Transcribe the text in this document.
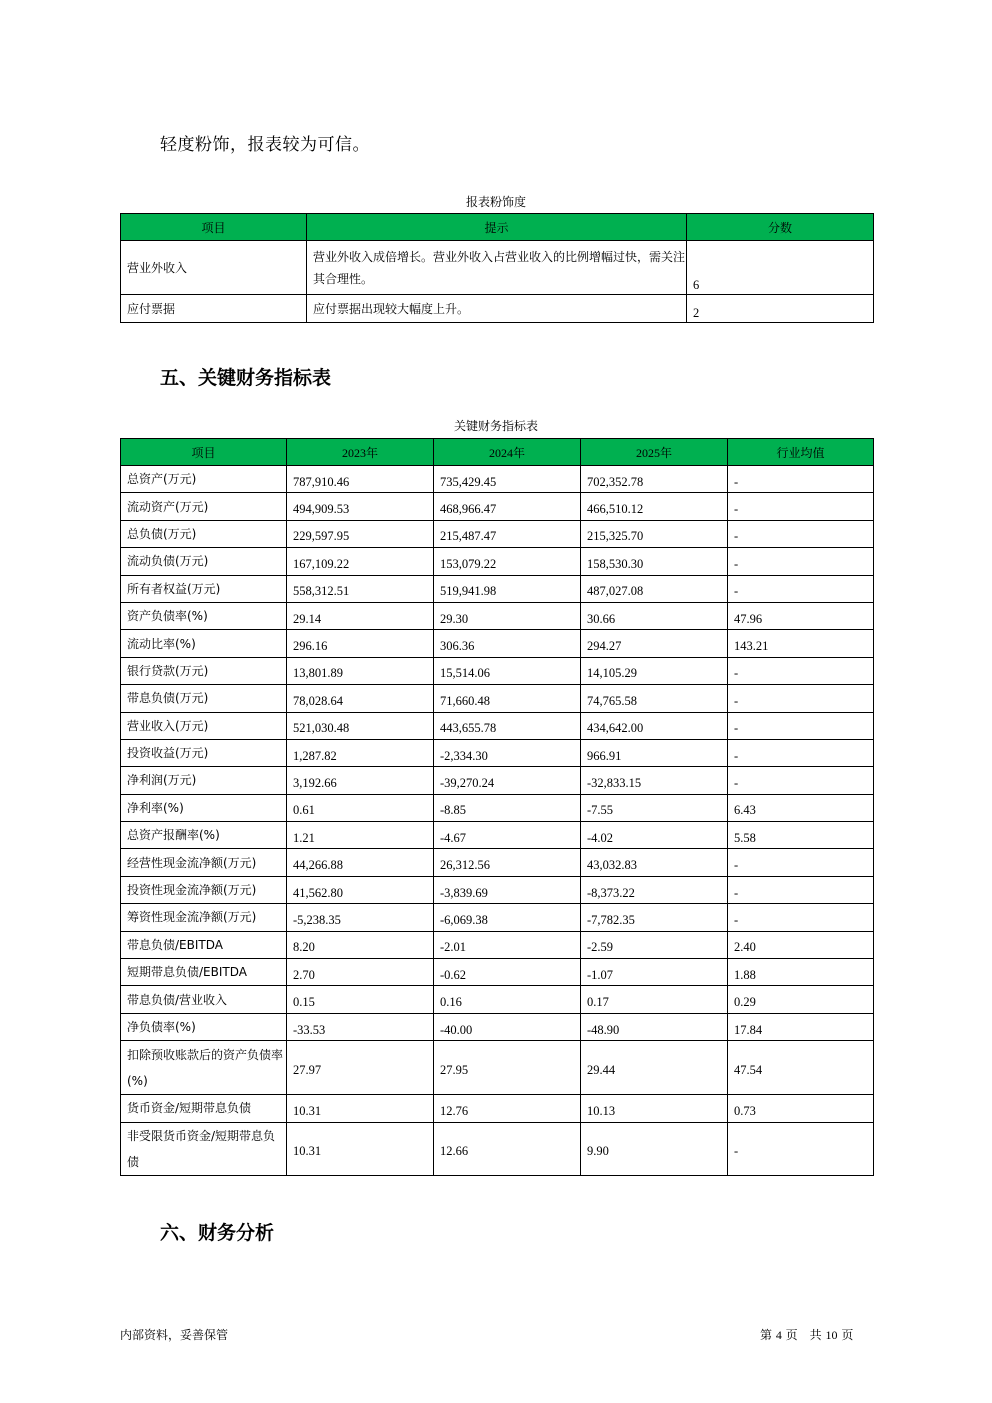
轻度粉饰，报表较为可信。
报表粉饰度
项目	提示	分数
营业外收入	营业外收入成倍增长。营业外收入占营业收入的比例增幅过快，需关注其合理性。	6
应付票据	应付票据出现较大幅度上升。	2
五、关键财务指标表
关键财务指标表
项目	2023年	2024年	2025年	行业均值
总资产(万元)	787,910.46	735,429.45	702,352.78	-
流动资产(万元)	494,909.53	468,966.47	466,510.12	-
总负债(万元)	229,597.95	215,487.47	215,325.70	-
流动负债(万元)	167,109.22	153,079.22	158,530.30	-
所有者权益(万元)	558,312.51	519,941.98	487,027.08	-
资产负债率(%)	29.14	29.30	30.66	47.96
流动比率(%)	296.16	306.36	294.27	143.21
银行贷款(万元)	13,801.89	15,514.06	14,105.29	-
带息负债(万元)	78,028.64	71,660.48	74,765.58	-
营业收入(万元)	521,030.48	443,655.78	434,642.00	-
投资收益(万元)	1,287.82	-2,334.30	966.91	-
净利润(万元)	3,192.66	-39,270.24	-32,833.15	-
净利率(%)	0.61	-8.85	-7.55	6.43
总资产报酬率(%)	1.21	-4.67	-4.02	5.58
经营性现金流净额(万元)	44,266.88	26,312.56	43,032.83	-
投资性现金流净额(万元)	41,562.80	-3,839.69	-8,373.22	-
筹资性现金流净额(万元)	-5,238.35	-6,069.38	-7,782.35	-
带息负债/EBITDA	8.20	-2.01	-2.59	2.40
短期带息负债/EBITDA	2.70	-0.62	-1.07	1.88
带息负债/营业收入	0.15	0.16	0.17	0.29
净负债率(%)	-33.53	-40.00	-48.90	17.84
扣除预收账款后的资产负债率(%)	27.97	27.95	29.44	47.54
货币资金/短期带息负债	10.31	12.76	10.13	0.73
非受限货币资金/短期带息负债	10.31	12.66	9.90	-
六、财务分析
内部资料，妥善保管	第 4 页　共 10 页
